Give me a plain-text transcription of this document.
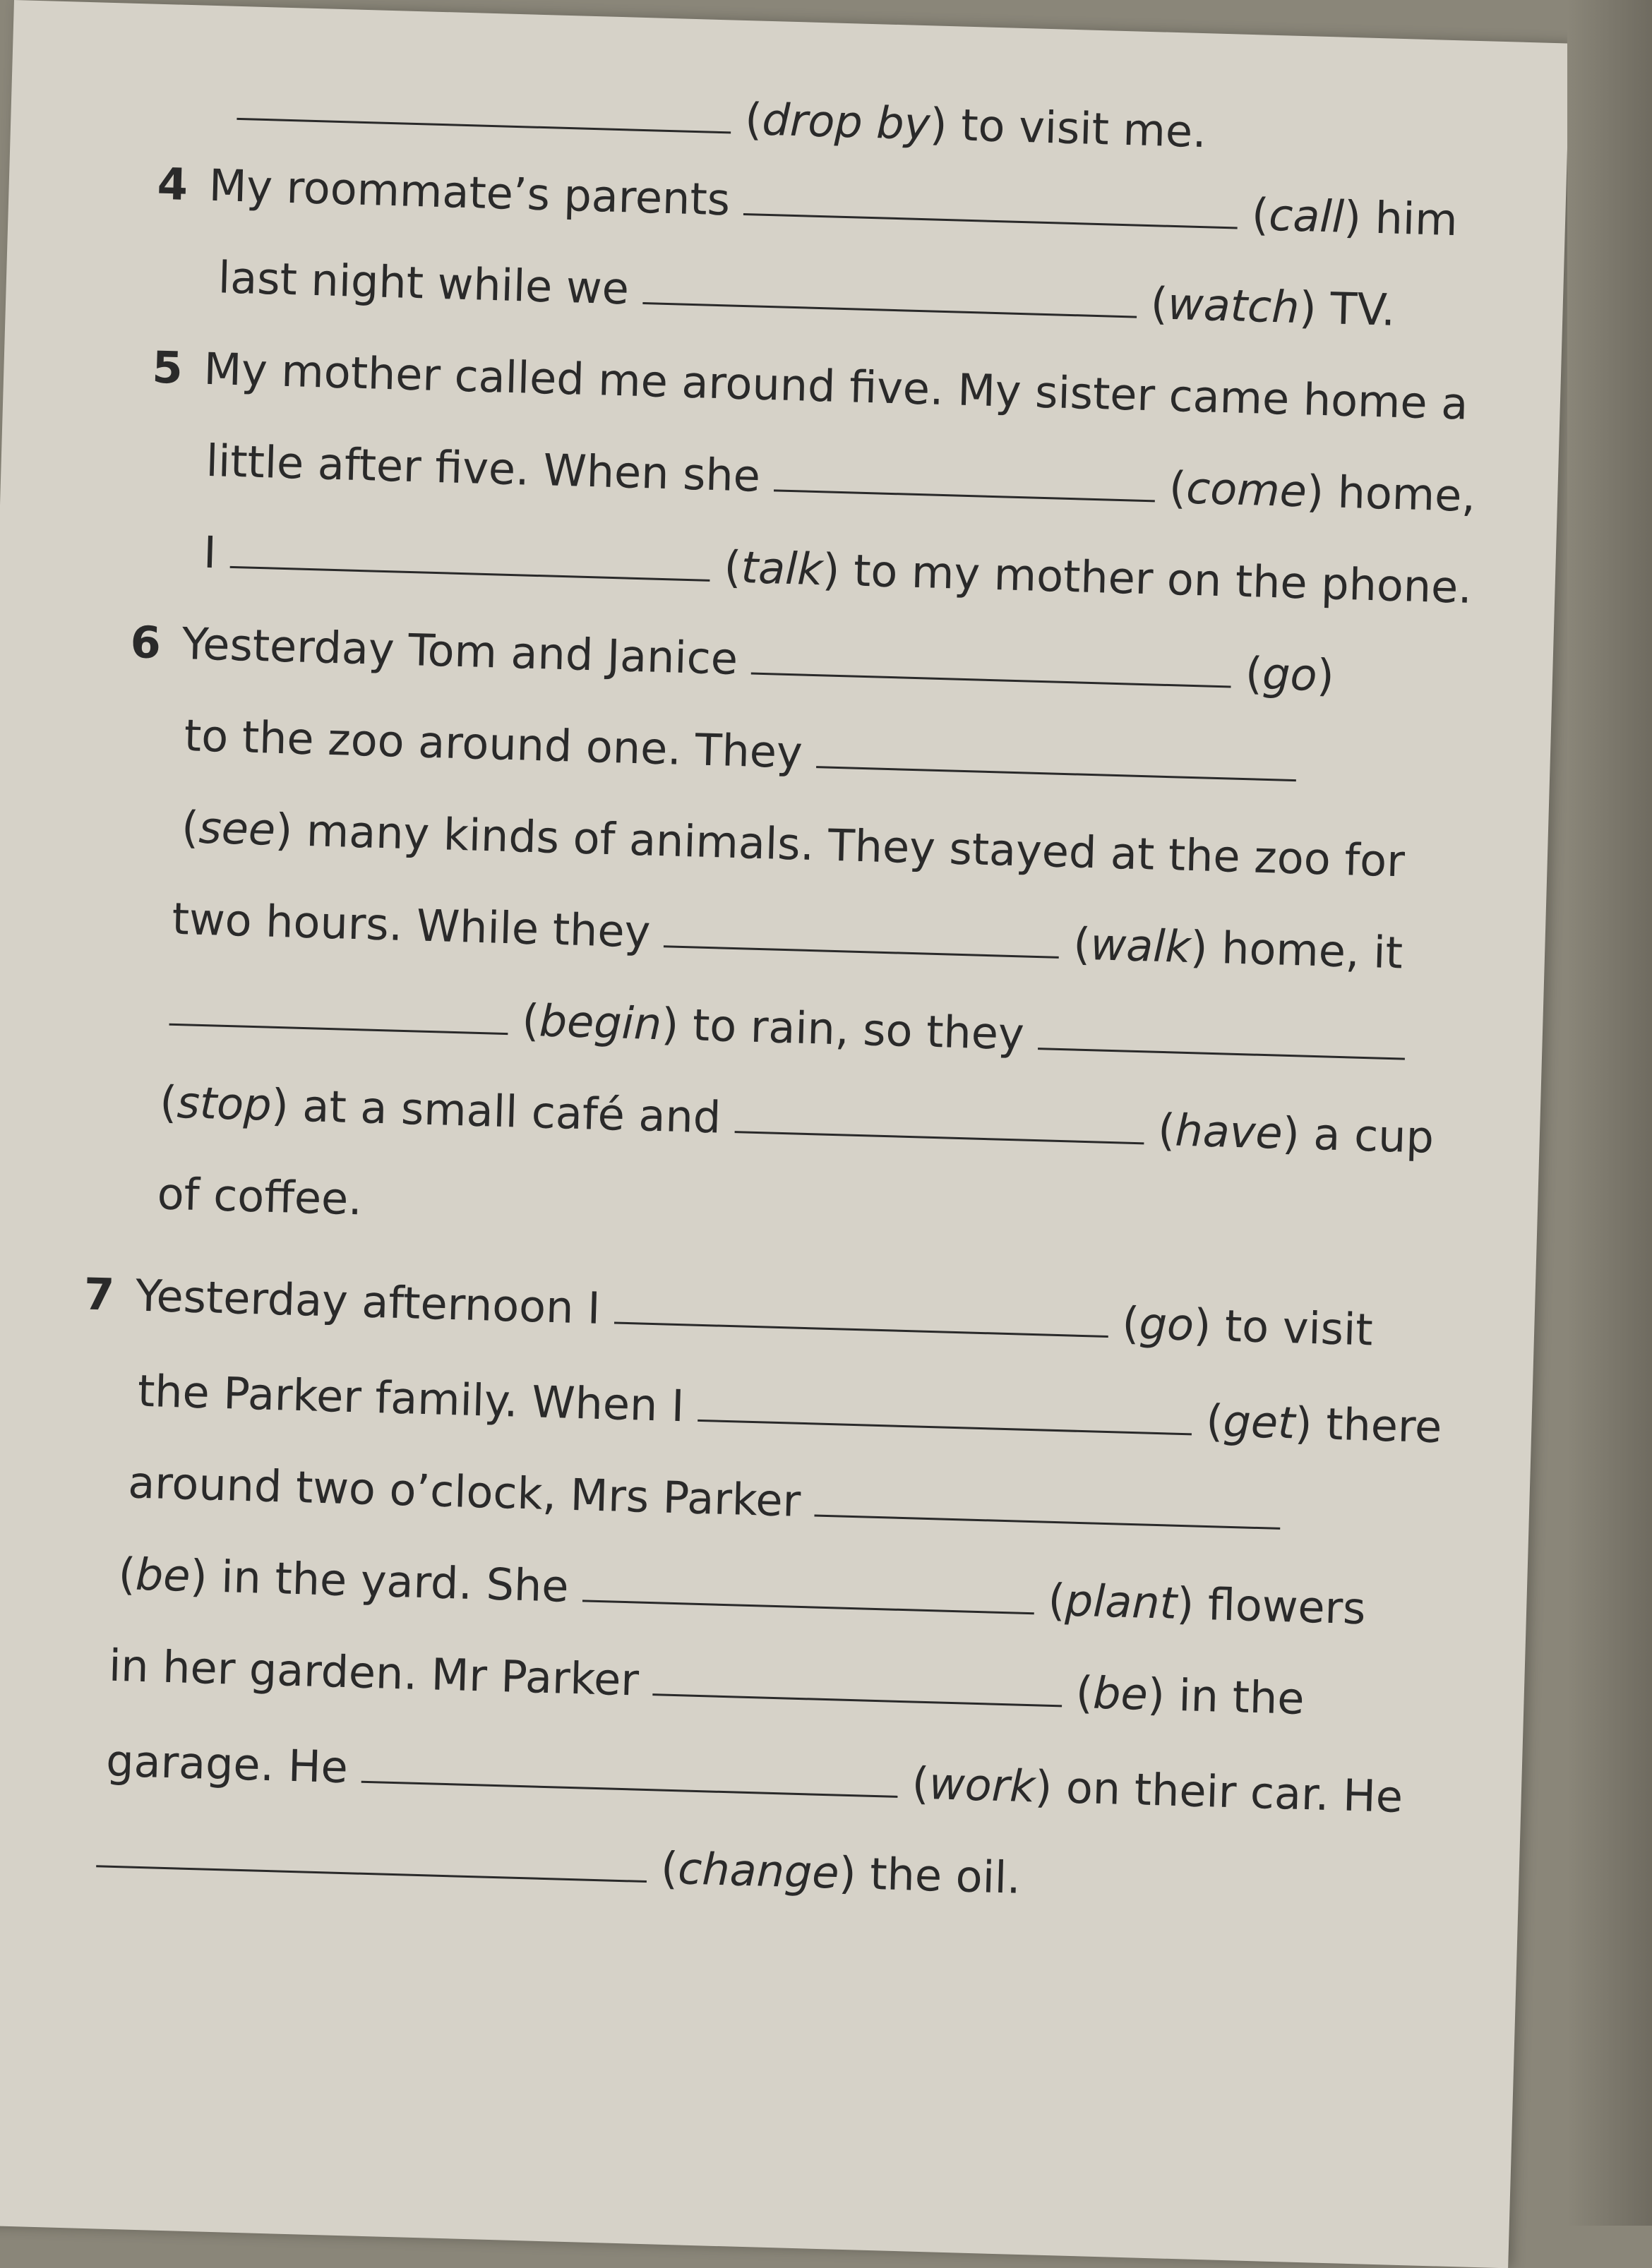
(drop by) to visit me.
4 My roommate’s parents	(call) him
last night while we	(watch) TV.
5 My mother called me around five. My sister came home a
little after five. When she	(come) home,
I	(talk) to my mother on the phone.
6 Yesterday Tom and Janice	(go)
to the zoo around one. They
(see) many kinds of animals. They stayed at the zoo for
two hours. While they	(walk) home, it
(begin) to rain, so they
(stop) at a small café and	(have) a cup
of coffee.
7 Yesterday afternoon I	(go) to visit
the Parker family. When I	(get) there
around two o’clock, Mrs Parker
(be) in the yard. She	(plant) flowers
in her garden. Mr Parker	(be) in the
garage. He	(work) on their car. He
(change) the oil.
